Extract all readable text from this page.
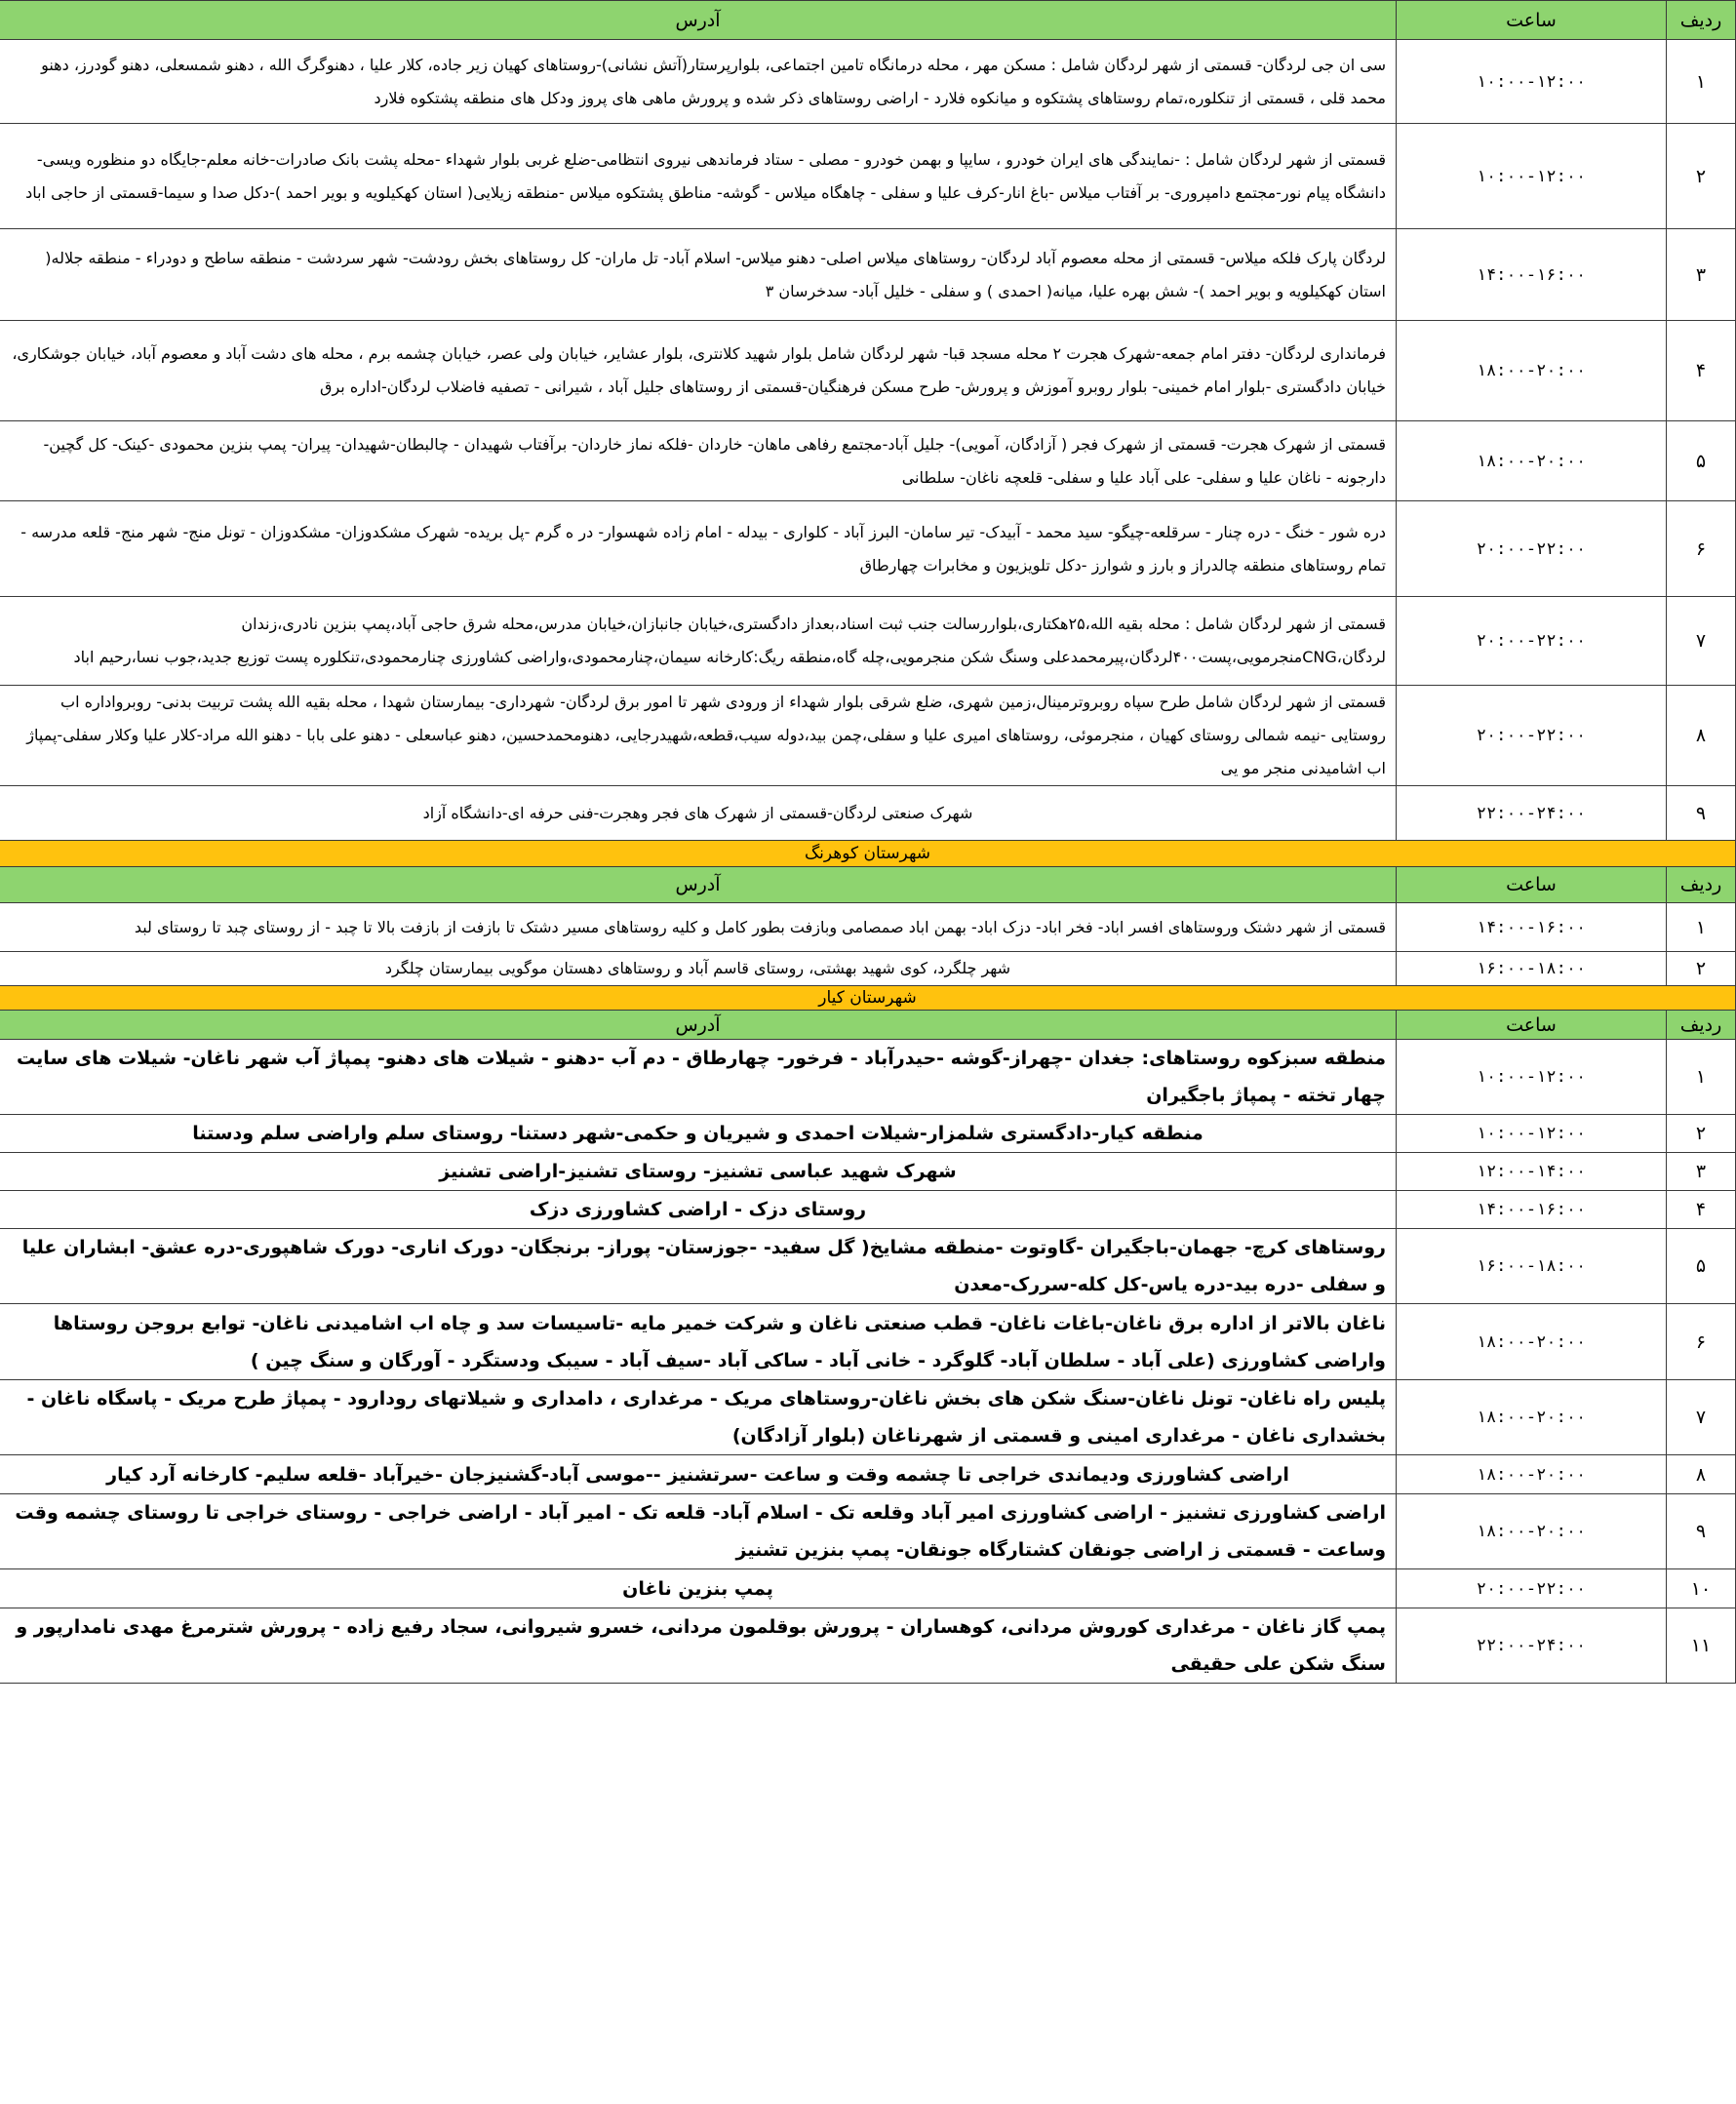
ردیف	ساعت	آدرس
۱	۱۰:۰۰-۱۲:۰۰	سی ان جی لردگان- قسمتی از شهر لردگان شامل : مسکن مهر ، محله درمانگاه تامین اجتماعی، بلوارپرستار(آتش نشانی)-روستاهای کهیان زیر جاده، کلار علیا ، دهنوگرگ الله ، دهنو شمسعلی، دهنو گودرز، دهنو محمد قلی ، قسمتی از تنکلوره،تمام روستاهای پشتکوه و میانکوه فلارد - اراضی روستاهای ذکر شده و پرورش ماهی های پروز ودکل های منطقه پشتکوه فلارد
۲	۱۰:۰۰-۱۲:۰۰	قسمتی از شهر لردگان شامل : -نمایندگی های ایران خودرو ، سایپا و بهمن خودرو - مصلی - ستاد فرماندهی نیروی انتظامی-ضلع غربی بلوار شهداء -محله پشت بانک صادرات-خانه معلم-جایگاه دو منظوره ویسی- دانشگاه پیام نور-مجتمع دامپروری- بر آفتاب میلاس -باغ انار-کرف علیا و سفلی - چاهگاه میلاس - گوشه- مناطق پشتکوه میلاس -منطقه زیلایی( استان کهکیلویه و بویر احمد )-دکل صدا و سیما-قسمتی از حاجی اباد
۳	۱۴:۰۰-۱۶:۰۰	لردگان پارک فلکه میلاس- قسمتی از محله معصوم آباد لردگان- روستاهای میلاس اصلی- دهنو میلاس- اسلام آباد- تل ماران- کل روستاهای بخش رودشت- شهر سردشت - منطقه ساطح و دودراء - منطقه جلاله( استان کهکیلویه و بویر احمد )- شش بهره علیا، میانه( احمدی ) و سفلی - خلیل آباد- سدخرسان ۳
۴	۱۸:۰۰-۲۰:۰۰	فرمانداری لردگان- دفتر امام جمعه-شهرک هجرت ۲ محله مسجد قبا- شهر لردگان شامل بلوار شهید کلانتری، بلوار عشایر، خیابان ولی عصر، خیابان چشمه برم ، محله های دشت آباد و معصوم آباد، خیابان جوشکاری، خیابان دادگستری -بلوار امام خمینی- بلوار روبرو آموزش و پرورش- طرح مسکن فرهنگیان-قسمتی از روستاهای جلیل آباد ، شیرانی - تصفیه فاضلاب لردگان-اداره برق
۵	۱۸:۰۰-۲۰:۰۰	قسمتی از شهرک هجرت- قسمتی از شهرک فجر ( آزادگان، آمویی)- جلیل آباد-مجتمع رفاهی ماهان- خاردان -فلکه نماز خاردان- برآفتاب شهیدان - چالبطان-شهیدان- پیران- پمپ بنزین محمودی -کینک- کل گچین- دارجونه - ناغان علیا و سفلی- علی آباد علیا و سفلی- قلعچه ناغان- سلطانی
۶	۲۰:۰۰-۲۲:۰۰	دره شور - خنگ - دره چنار - سرقلعه-چیگو- سید محمد - آبیدک- تیر سامان- البرز آباد - کلواری - بیدله - امام زاده شهسوار- در ه گرم -پل بریده- شهرک مشکدوزان- مشکدوزان - تونل منج- شهر منج- قلعه مدرسه - تمام روستاهای منطقه چالدراز و بارز و شوارز -دکل تلویزیون و مخابرات چهارطاق
۷	۲۰:۰۰-۲۲:۰۰	قسمتی از شهر لردگان شامل : محله بقیه الله،۲۵هکتاری،بلواررسالت جنب ثبت اسناد،بعداز دادگستری،خیابان جانبازان،خیابان مدرس،محله شرق حاجی آباد،پمپ بنزین نادری،زندان لردگان،CNGمنجرمویی،پست۴۰۰لردگان،پیرمحمدعلی وسنگ شکن منجرمویی،چله گاه،منطقه ریگ:کارخانه سیمان،چنارمحمودی،واراضی کشاورزی چنارمحمودی،تنکلوره پست توزیع جدید،جوب نسا،رحیم اباد
۸	۲۰:۰۰-۲۲:۰۰	قسمتی از شهر لردگان شامل طرح سپاه روبروترمینال،زمین شهری، ضلع شرقی بلوار شهداء از ورودی شهر تا امور برق لردگان- شهرداری- بیمارستان شهدا ، محله بقیه الله پشت تربیت بدنی- روبرواداره اب روستایی -نیمه شمالی روستای کهیان ، منجرموئی، روستاهای امیری علیا و سفلی،چمن بید،دوله سیب،قطعه،شهیدرجایی، دهنومحمدحسین، دهنو عباسعلی - دهنو علی بابا - دهنو الله مراد-کلار علیا وکلار سفلی-پمپاژ اب اشامیدنی منجر مو یی
۹	۲۲:۰۰-۲۴:۰۰	شهرک صنعتی لردگان-قسمتی از شهرک های فجر وهجرت-فنی حرفه ای-دانشگاه آزاد
شهرستان کوهرنگ		
ردیف	ساعت	آدرس
۱	۱۴:۰۰-۱۶:۰۰	قسمتی از شهر دشتک وروستاهای افسر اباد- فخر اباد- دزک اباد- بهمن اباد صمصامی وبازفت بطور کامل و کلیه روستاهای مسیر دشتک تا بازفت از بازفت بالا تا چبد - از روستای چبد تا روستای لبد
۲	۱۶:۰۰-۱۸:۰۰	شهر چلگرد، کوی شهید بهشتی، روستای قاسم آباد و روستاهای دهستان موگویی بیمارستان چلگرد
شهرستان کیار		
ردیف	ساعت	آدرس
۱	۱۰:۰۰-۱۲:۰۰	منطقه سبزکوه روستاهای: جغدان -چهراز-گوشه -حیدرآباد - فرخور- چهارطاق - دم آب -دهنو - شیلات های دهنو- پمپاژ آب شهر ناغان- شیلات های سایت چهار تخته - پمپاژ باجگیران
۲	۱۰:۰۰-۱۲:۰۰	منطقه کیار-دادگستری شلمزار-شیلات احمدی و شیریان و حکمی-شهر دستنا- روستای سلم واراضی سلم ودستنا
۳	۱۲:۰۰-۱۴:۰۰	شهرک شهید عباسی تشنیز- روستای تشنیز-اراضی تشنیز
۴	۱۴:۰۰-۱۶:۰۰	روستای دزک - اراضی کشاورزی دزک
۵	۱۶:۰۰-۱۸:۰۰	روستاهای کرچ- جهمان-باجگیران -گاوتوت -منطقه مشایخ( گل سفید- -جوزستان- پوراز- برنجگان- دورک اناری- دورک شاهپوری-دره عشق- ابشاران علیا و سفلی -دره بید-دره یاس-کل کله-سررک-معدن
۶	۱۸:۰۰-۲۰:۰۰	ناغان بالاتر از اداره برق ناغان-باغات ناغان- قطب صنعتی ناغان و شرکت خمیر مایه -تاسیسات سد و چاه اب اشامیدنی ناغان- توابع بروجن روستاها واراضی کشاورزی (علی آباد - سلطان آباد- گلوگرد - خانی آباد - ساکی آباد -سیف آباد - سیبک ودستگرد - آورگان و سنگ چین )
۷	۱۸:۰۰-۲۰:۰۰	پلیس راه ناغان- تونل ناغان-سنگ شکن های بخش ناغان-روستاهای مریک - مرغداری ، دامداری و شیلاتهای رودارود - پمپاژ طرح مریک - پاسگاه ناغان - بخشداری ناغان - مرغداری امینی و قسمتی از شهرناغان (بلوار آزادگان)
۸	۱۸:۰۰-۲۰:۰۰	اراضی کشاورزی ودیماندی خراجی تا چشمه وقت و ساعت -سرتشنیز --موسی آباد-گشنیزجان -خیرآباد -قلعه سلیم- کارخانه آرد کیار
۹	۱۸:۰۰-۲۰:۰۰	اراضی کشاورزی تشنیز - اراضی کشاورزی امیر آباد وقلعه تک - اسلام آباد- قلعه تک - امیر آباد - اراضی خراجی - روستای خراجی تا روستای چشمه وقت وساعت - قسمتی ز اراضی جونقان کشتارگاه جونقان- پمپ بنزین تشنیز
۱۰	۲۰:۰۰-۲۲:۰۰	پمپ بنزین ناغان
۱۱	۲۲:۰۰-۲۴:۰۰	پمپ گاز ناغان - مرغداری کوروش مردانی، کوهساران - پرورش بوقلمون مردانی، خسرو شیروانی، سجاد رفیع زاده - پرورش شترمرغ مهدی نامدارپور و سنگ شکن علی حقیقی
